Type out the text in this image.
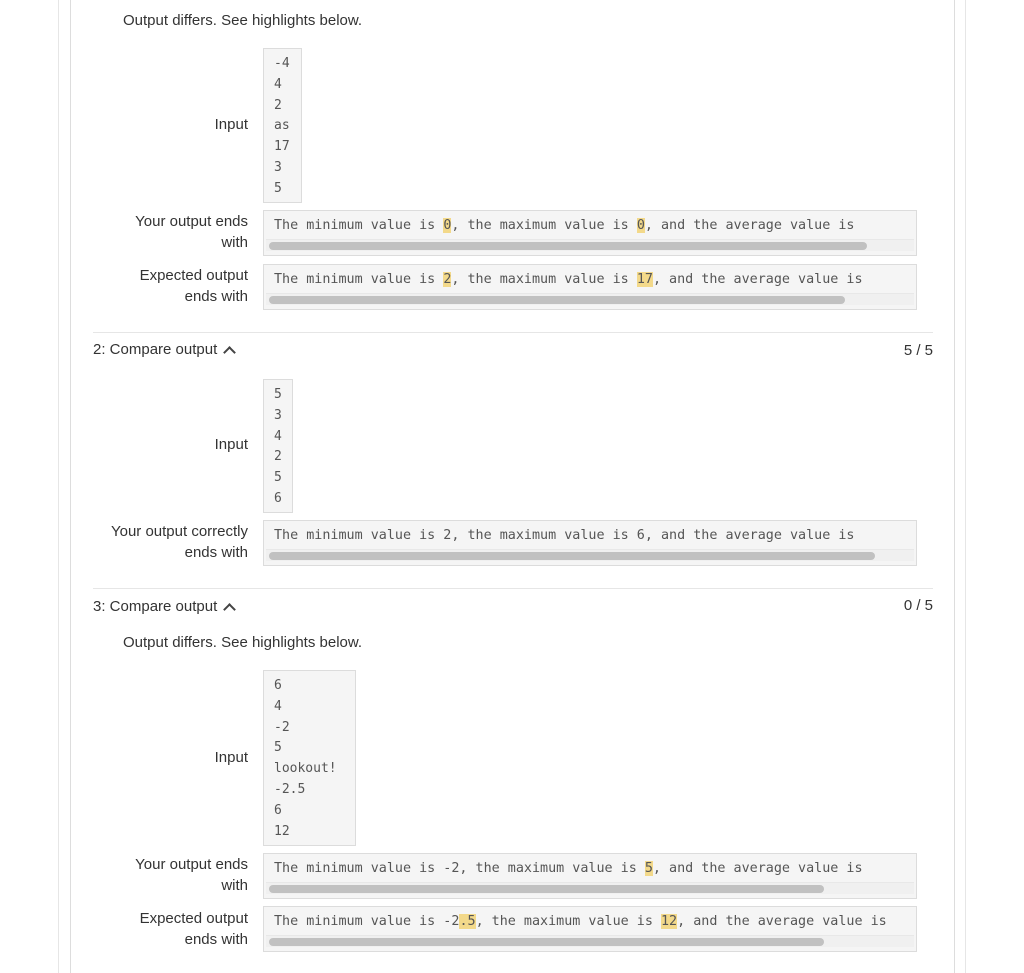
Output differs. See highlights below.
Input
-4
4
2
as
17
3
5
Your output ends
with
The minimum value is 0, the maximum value is 0, and the average value is
Expected output
ends with
The minimum value is 2, the maximum value is 17, and the average value is
2: Compare output	5 / 5
Input
5
3
4
2
5
6
Your output correctly
ends with
The minimum value is 2, the maximum value is 6, and the average value is
3: Compare output	0 / 5
Output differs. See highlights below.
Input
6
4
-2
5
lookout!
-2.5
6
12
Your output ends
with
The minimum value is -2, the maximum value is 5, and the average value is
Expected output
ends with
The minimum value is -2.5, the maximum value is 12, and the average value is
